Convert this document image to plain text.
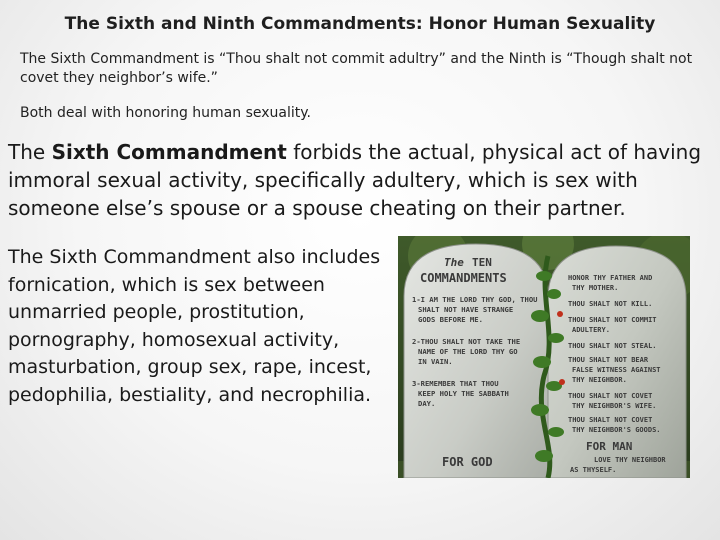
The Sixth and Ninth Commandments: Honor Human Sexuality
The Sixth Commandment is “Thou shalt not commit adultry” and the Ninth is “Though shalt not covet they neighbor’s wife.”
Both deal with honoring human sexuality.
The Sixth Commandment forbids the actual, physical act of having immoral sexual activity, specifically adultery, which is sex with someone else’s spouse or a spouse cheating on their partner.
The Sixth Commandment also includes fornication, which is sex between unmarried people, prostitution, pornography, homosexual activity, masturbation, group sex, rape, incest, pedophilia, bestiality, and necrophilia.
The TEN
COMMANDMENTS
1-I AM THE LORD THY GOD, THOU
SHALT NOT HAVE STRANGE
GODS BEFORE ME.
2-THOU SHALT NOT TAKE THE
NAME OF THE LORD THY GO
IN VAIN.
3-REMEMBER THAT THOU
KEEP HOLY THE SABBATH
DAY.
FOR GOD
HONOR THY FATHER AND
THY MOTHER.
THOU SHALT NOT KILL.
THOU SHALT NOT COMMIT
ADULTERY.
THOU SHALT NOT STEAL.
THOU SHALT NOT BEAR
FALSE WITNESS AGAINST
THY NEIGHBOR.
THOU SHALT NOT COVET
THY NEIGHBOR'S WIFE.
THOU SHALT NOT COVET
THY NEIGHBOR'S GOODS.
FOR MAN
LOVE THY NEIGHBOR
AS THYSELF.
